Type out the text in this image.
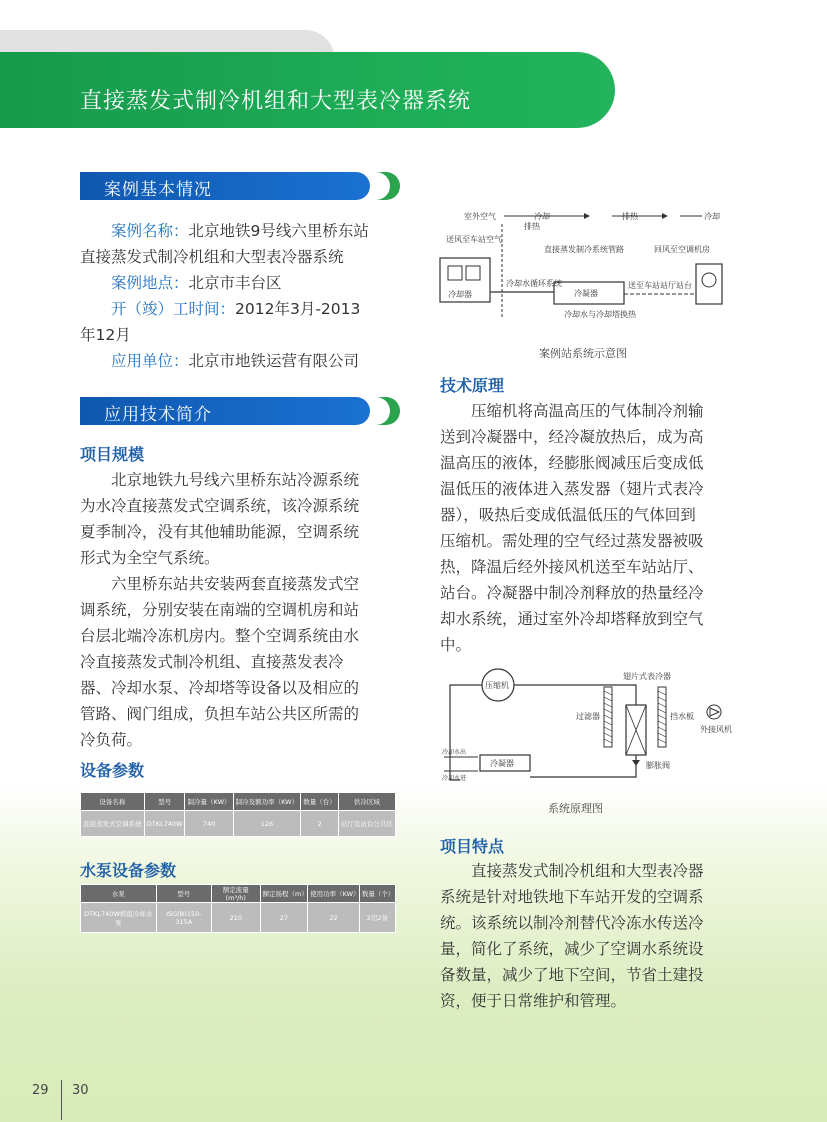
直接蒸发式制冷机组和大型表冷器系统
案例基本情况
　　案例名称：北京地铁9号线六里桥东站
直接蒸发式制冷机组和大型表冷器系统
　　案例地点：北京市丰台区
　　开（竣）工时间：2012年3月-2013
年12月
　　应用单位：北京市地铁运营有限公司
应用技术简介
项目规模
　　北京地铁九号线六里桥东站冷源系统
为水冷直接蒸发式空调系统，该冷源系统
夏季制冷，没有其他辅助能源，空调系统
形式为全空气系统。
　　六里桥东站共安装两套直接蒸发式空
调系统，分别安装在南端的空调机房和站
台层北端冷冻机房内。整个空调系统由水
冷直接蒸发式制冷机组、直接蒸发表冷
器、冷却水泵、冷却塔等设备以及相应的
管路、阀门组成，负担车站公共区所需的
冷负荷。
设备参数
设备名称	型号	制冷量（KW）	制冷及额功率（KW）	数量（台）	供冷区域
直接蒸发式空调系统	DTKL740W	740	126	2	站厅及站台公共区
水泵设备参数
水泵	型号	额定流量(m³/h)	额定扬程（m）	使用功率（KW）	数量（个）
DTKL740W机组冷却水泵	ISG(B)150-315A	210	27	22	2用2备
室外空气	冷却	排热	冷却
排热
送风至车站空气
直接蒸发制冷系统管路	回风至空调机房
冷却器
冷却水循环系统
冷凝器
送至车站站厅站台
冷却水与冷却塔换热
案例站系统示意图
技术原理
　　压缩机将高温高压的气体制冷剂输
送到冷凝器中，经冷凝放热后，成为高
温高压的液体，经膨胀阀减压后变成低
温低压的液体进入蒸发器（翅片式表冷
器），吸热后变成低温低压的气体回到
压缩机。需处理的空气经过蒸发器被吸
热，降温后经外接风机送至车站站厅、
站台。冷凝器中制冷剂释放的热量经冷
却水系统，通过室外冷却塔释放到空气
中。
压缩机
翅片式表冷器
过滤器	挡水板
外接风机
膨胀阀
冷凝器
冷却水出
冷却水进
系统原理图
项目特点
　　直接蒸发式制冷机组和大型表冷器
系统是针对地铁地下车站开发的空调系
统。该系统以制冷剂替代冷冻水传送冷
量，简化了系统，减少了空调水系统设
备数量，减少了地下空间，节省土建投
资，便于日常维护和管理。
29 30
